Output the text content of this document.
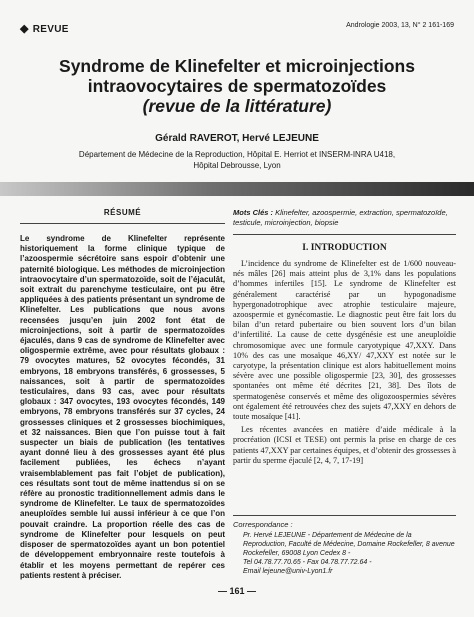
◆ REVUE	Andrologie 2003, 13, N° 2 161-169
Syndrome de Klinefelter et microinjections
intraovocytaires de spermatozoïdes
(revue de la littérature)
Gérald RAVEROT, Hervé LEJEUNE
Département de Médecine de la Reproduction, Hôpital E. Herriot et INSERM-INRA U418,
Hôpital Debrousse, Lyon
RÉSUMÉ

Le syndrome de Klinefelter représente historiquement la forme clinique typique de l’azoospermie sécrétoire sans espoir d’obtenir une paternité biologique. Les méthodes de microinjection intraovocytaire d’un spermatozoïde, soit de l’éjaculât, soit extrait du parenchyme testiculaire, ont pu être appliquées à des patients présentant un syndrome de Klinefelter. Les publications que nous avons recensées jusqu’en juin 2002 font état de microinjections, soit à partir de spermatozoïdes éjaculés, dans 9 cas de syndrome de Klinefelter avec oligospermie extrême, avec pour résultats globaux : 79 ovocytes matures, 52 ovocytes fécondés, 31 embryons, 18 embryons transférés, 6 grossesses, 5 naissances, soit à partir de spermatozoïdes testiculaires, dans 93 cas, avec pour résultats globaux : 347 ovocytes, 193 ovocytes fécondés, 149 embryons, 78 embryons transférés sur 37 cycles, 24 grossesses cliniques et 2 grossesses biochimiques, et 32 naissances. Bien que l’on puisse tout à fait suspecter un biais de publication (les tentatives ayant donné lieu à des grossesses ayant été plus facilement publiées, les échecs n’ayant vraisemblablement pas fait l’objet de publication), ces résultats sont tout de même inattendus si on se réfère au pronostic traditionnellement admis dans le syndrome de Klinefelter. Le taux de spermatozoïdes aneuploïdes semble lui aussi inférieur à ce que l’on pouvait craindre. La proportion réelle des cas de syndrome de Klinefelter pour lesquels on peut disposer de spermatozoïdes ayant un bon potentiel de développement embryonnaire reste toutefois à établir et les moyens permettant de repérer ces patients restent à préciser.

Mots Clés : Klinefelter, azoospermie, extraction, spermatozoïde, testicule, microinjection, biopsie

I. INTRODUCTION

L’incidence du syndrome de Klinefelter est de 1/600 nouveau-nés mâles [26] mais atteint plus de 3,1% dans les populations d’hommes infertiles [15]. Le syndrome de Klinefelter est généralement caractérisé par un hypogonadisme hypergonadotrophique avec atrophie testiculaire majeure, azoospermie et gynécomastie. Le diagnostic peut être fait lors du bilan d’un retard pubertaire ou bien souvent lors d’un bilan d’infertilité. La cause de cette dysgénésie est une aneuploïdie chromosomique avec une formule caryotypique 47,XXY. Dans 10% des cas une mosaïque 46,XY/ 47,XXY est notée sur le caryotype, la présentation clinique est alors habituellement moins sévère avec une possible oligospermie [23, 30], des grossesses spontanées ont même été décrites [21, 38]. Des îlots de spermatogenèse conservés et même des oligozoospermies sévères ont également été retrouvées chez des sujets 47,XXY en dehors de toute mosaïque [41].

Les récentes avancées en matière d’aide médicale à la procréation (ICSI et TESE) ont permis la prise en charge de ces patients 47,XXY par certaines équipes, et d’obtenir des grossesses à partir du sperme éjaculé [2, 4, 7, 17-19]

Correspondance :

Pr. Hervé LEJEUNE - Département de Médecine de la Reproduction, Faculté de Médecine, Domaine Rockefeller, 8 avenue Rockefeller, 69008 Lyon Cedex 8 -
Tel 04.78.77.70.65 - Fax 04.78.77.72.64 -
Email lejeune@univ-Lyon1.fr

— 161 —
